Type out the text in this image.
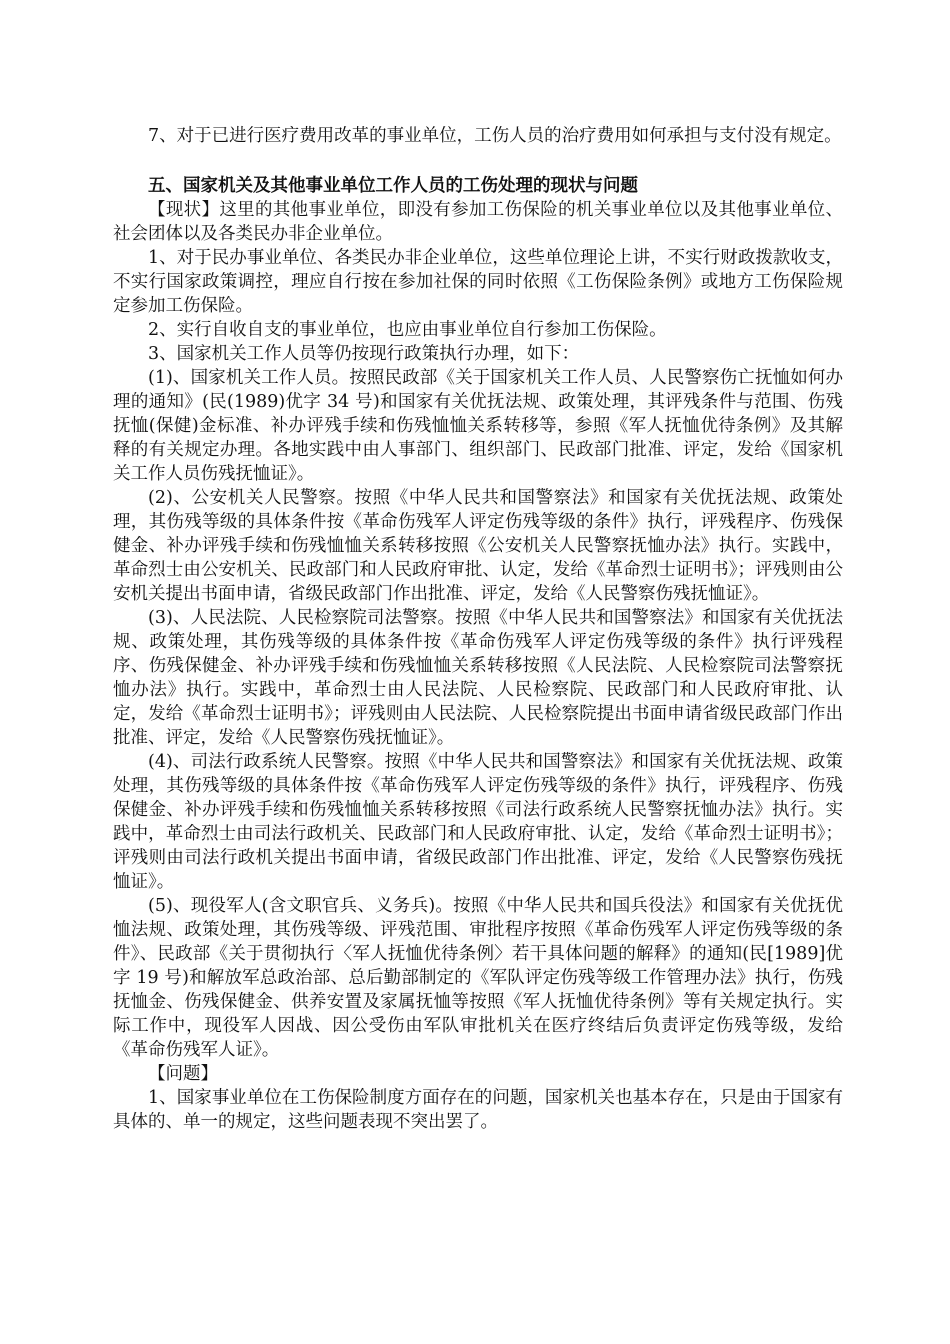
7、对于已进行医疗费用改革的事业单位，工伤人员的治疗费用如何承担与支付没有规定。

五、国家机关及其他事业单位工作人员的工伤处理的现状与问题

【现状】这里的其他事业单位，即没有参加工伤保险的机关事业单位以及其他事业单位、社会团体以及各类民办非企业单位。

1、对于民办事业单位、各类民办非企业单位，这些单位理论上讲，不实行财政拨款收支，不实行国家政策调控，理应自行按在参加社保的同时依照《工伤保险条例》或地方工伤保险规定参加工伤保险。

2、实行自收自支的事业单位，也应由事业单位自行参加工伤保险。

3、国家机关工作人员等仍按现行政策执行办理，如下：

(1)、国家机关工作人员。按照民政部《关于国家机关工作人员、人民警察伤亡抚恤如何办理的通知》(民(1989)优字 34 号)和国家有关优抚法规、政策处理，其评残条件与范围、伤残抚恤(保健)金标准、补办评残手续和伤残恤恤关系转移等，参照《军人抚恤优待条例》及其解释的有关规定办理。各地实践中由人事部门、组织部门、民政部门批准、评定，发给《国家机关工作人员伤残抚恤证》。

(2)、公安机关人民警察。按照《中华人民共和国警察法》和国家有关优抚法规、政策处理，其伤残等级的具体条件按《革命伤残军人评定伤残等级的条件》执行，评残程序、伤残保健金、补办评残手续和伤残恤恤关系转移按照《公安机关人民警察抚恤办法》执行。实践中，革命烈士由公安机关、民政部门和人民政府审批、认定，发给《革命烈士证明书》；评残则由公安机关提出书面申请，省级民政部门作出批准、评定，发给《人民警察伤残抚恤证》。

(3)、人民法院、人民检察院司法警察。按照《中华人民共和国警察法》和国家有关优抚法规、政策处理，其伤残等级的具体条件按《革命伤残军人评定伤残等级的条件》执行评残程序、伤残保健金、补办评残手续和伤残恤恤关系转移按照《人民法院、人民检察院司法警察抚恤办法》执行。实践中，革命烈士由人民法院、人民检察院、民政部门和人民政府审批、认定，发给《革命烈士证明书》；评残则由人民法院、人民检察院提出书面申请省级民政部门作出批准、评定，发给《人民警察伤残抚恤证》。

(4)、司法行政系统人民警察。按照《中华人民共和国警察法》和国家有关优抚法规、政策处理，其伤残等级的具体条件按《革命伤残军人评定伤残等级的条件》执行，评残程序、伤残保健金、补办评残手续和伤残恤恤关系转移按照《司法行政系统人民警察抚恤办法》执行。实践中，革命烈士由司法行政机关、民政部门和人民政府审批、认定，发给《革命烈士证明书》；评残则由司法行政机关提出书面申请，省级民政部门作出批准、评定，发给《人民警察伤残抚恤证》。

(5)、现役军人(含文职官兵、义务兵)。按照《中华人民共和国兵役法》和国家有关优抚优恤法规、政策处理，其伤残等级、评残范围、审批程序按照《革命伤残军人评定伤残等级的条件》、民政部《关于贯彻执行〈军人抚恤优待条例〉若干具体问题的解释》的通知(民[1989]优字 19 号)和解放军总政治部、总后勤部制定的《军队评定伤残等级工作管理办法》执行，伤残抚恤金、伤残保健金、供养安置及家属抚恤等按照《军人抚恤优待条例》等有关规定执行。实际工作中，现役军人因战、因公受伤由军队审批机关在医疗终结后负责评定伤残等级，发给《革命伤残军人证》。

【问题】

1、国家事业单位在工伤保险制度方面存在的问题，国家机关也基本存在，只是由于国家有具体的、单一的规定，这些问题表现不突出罢了。
